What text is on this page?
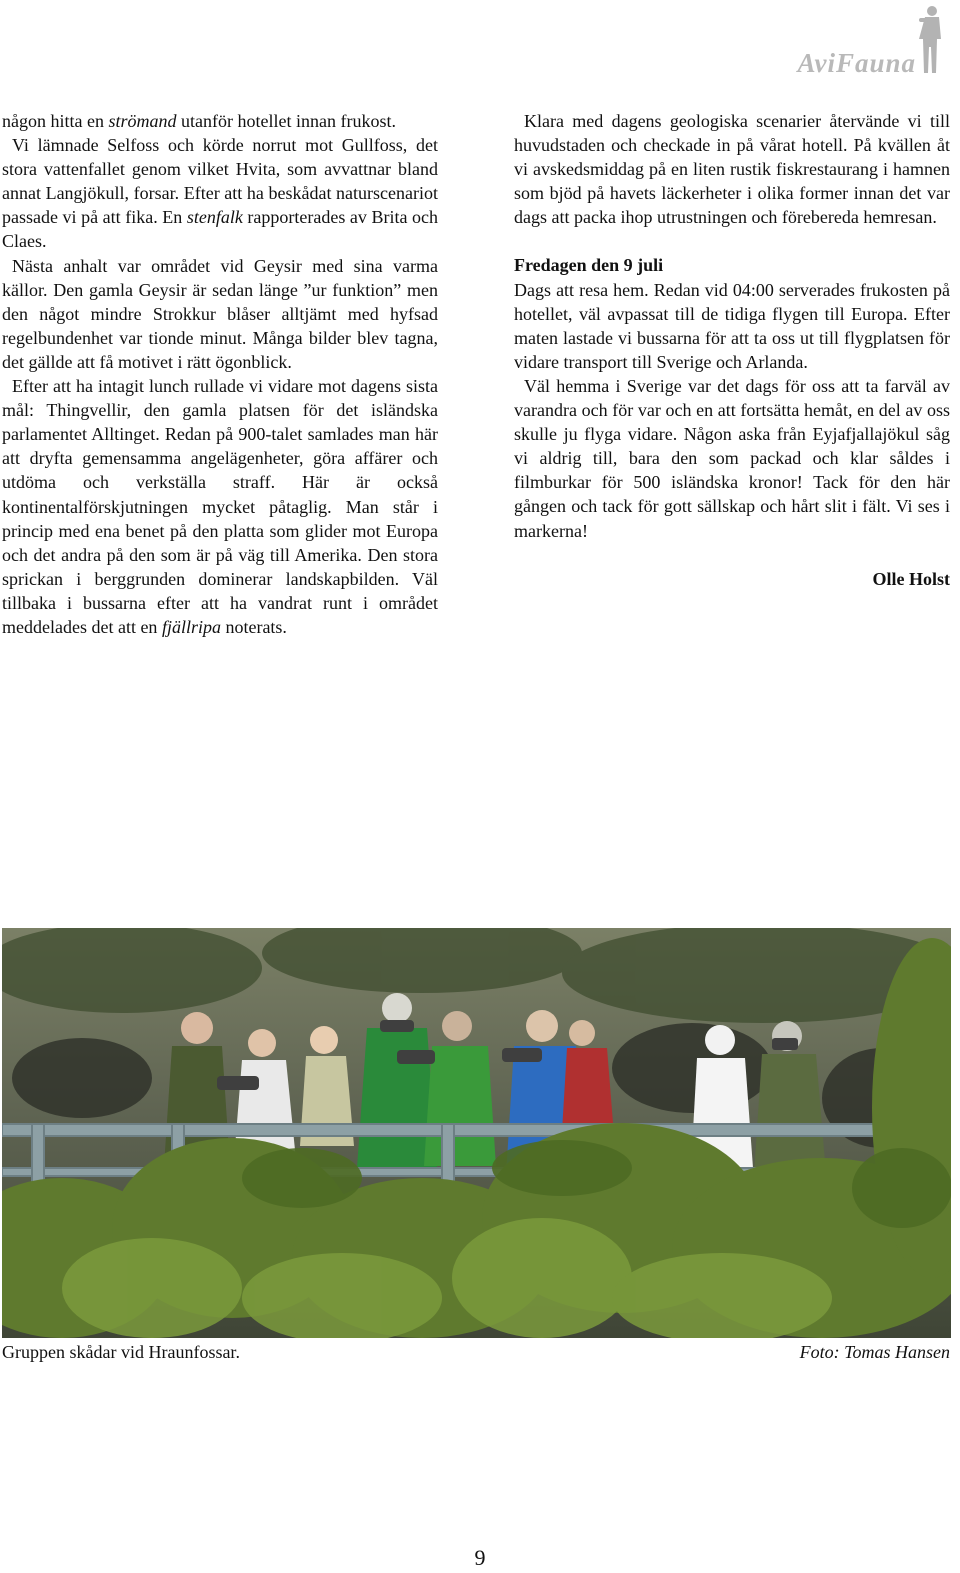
AviFauna

någon hitta en strömand utanför hotellet innan frukost.

Vi lämnade Selfoss och körde norrut mot Gullfoss, det stora vattenfallet genom vilket Hvita, som avvattnar bland annat Langjökull, forsar. Efter att ha beskådat naturscenariot passade vi på att fika. En stenfalk rapporterades av Brita och Claes.

Nästa anhalt var området vid Geysir med sina varma källor. Den gamla Geysir är sedan länge ”ur funktion” men den något mindre Strokkur blåser alltjämt med hyfsad regelbundenhet var tionde minut. Många bilder blev tagna, det gällde att få motivet i rätt ögonblick.

Efter att ha intagit lunch rullade vi vidare mot dagens sista mål: Thingvellir, den gamla platsen för det isländska parlamentet Alltinget. Redan på 900-talet samlades man här att dryfta gemensamma angelägenheter, göra affärer och utdöma och verkställa straff. Här är också kontinentalförskjutningen mycket påtaglig. Man står i princip med ena benet på den platta som glider mot Europa och det andra på den som är på väg till Amerika. Den stora sprickan i berggrunden dominerar landskapbilden. Väl tillbaka i bussarna efter att ha vandrat runt i området meddelades det att en fjällripa noterats.

Klara med dagens geologiska scenarier återvände vi till huvudstaden och checkade in på vårat hotell. På kvällen åt vi avskedsmiddag på en liten rustik fiskrestaurang i hamnen som bjöd på havets läckerheter i olika former innan det var dags att packa ihop utrustningen och förebereda hemresan.

Fredagen den 9 juli

Dags att resa hem. Redan vid 04:00 serverades frukosten på hotellet, väl avpassat till de tidiga flygen till Europa. Efter maten lastade vi bussarna för att ta oss ut till flygplatsen för vidare transport till Sverige och Arlanda.

Väl hemma i Sverige var det dags för oss att ta farväl av varandra och för var och en att fortsätta hemåt, en del av oss skulle ju flyga vidare. Någon aska från Eyjafjallajökul såg vi aldrig till, bara den som packad och klar såldes i filmburkar för 500 isländska kronor! Tack för den här gången och tack för gott sällskap och hårt slit i fält. Vi ses i markerna!

Olle Holst
Gruppen skådar vid Hraunfossar.	Foto: Tomas Hansen
9
